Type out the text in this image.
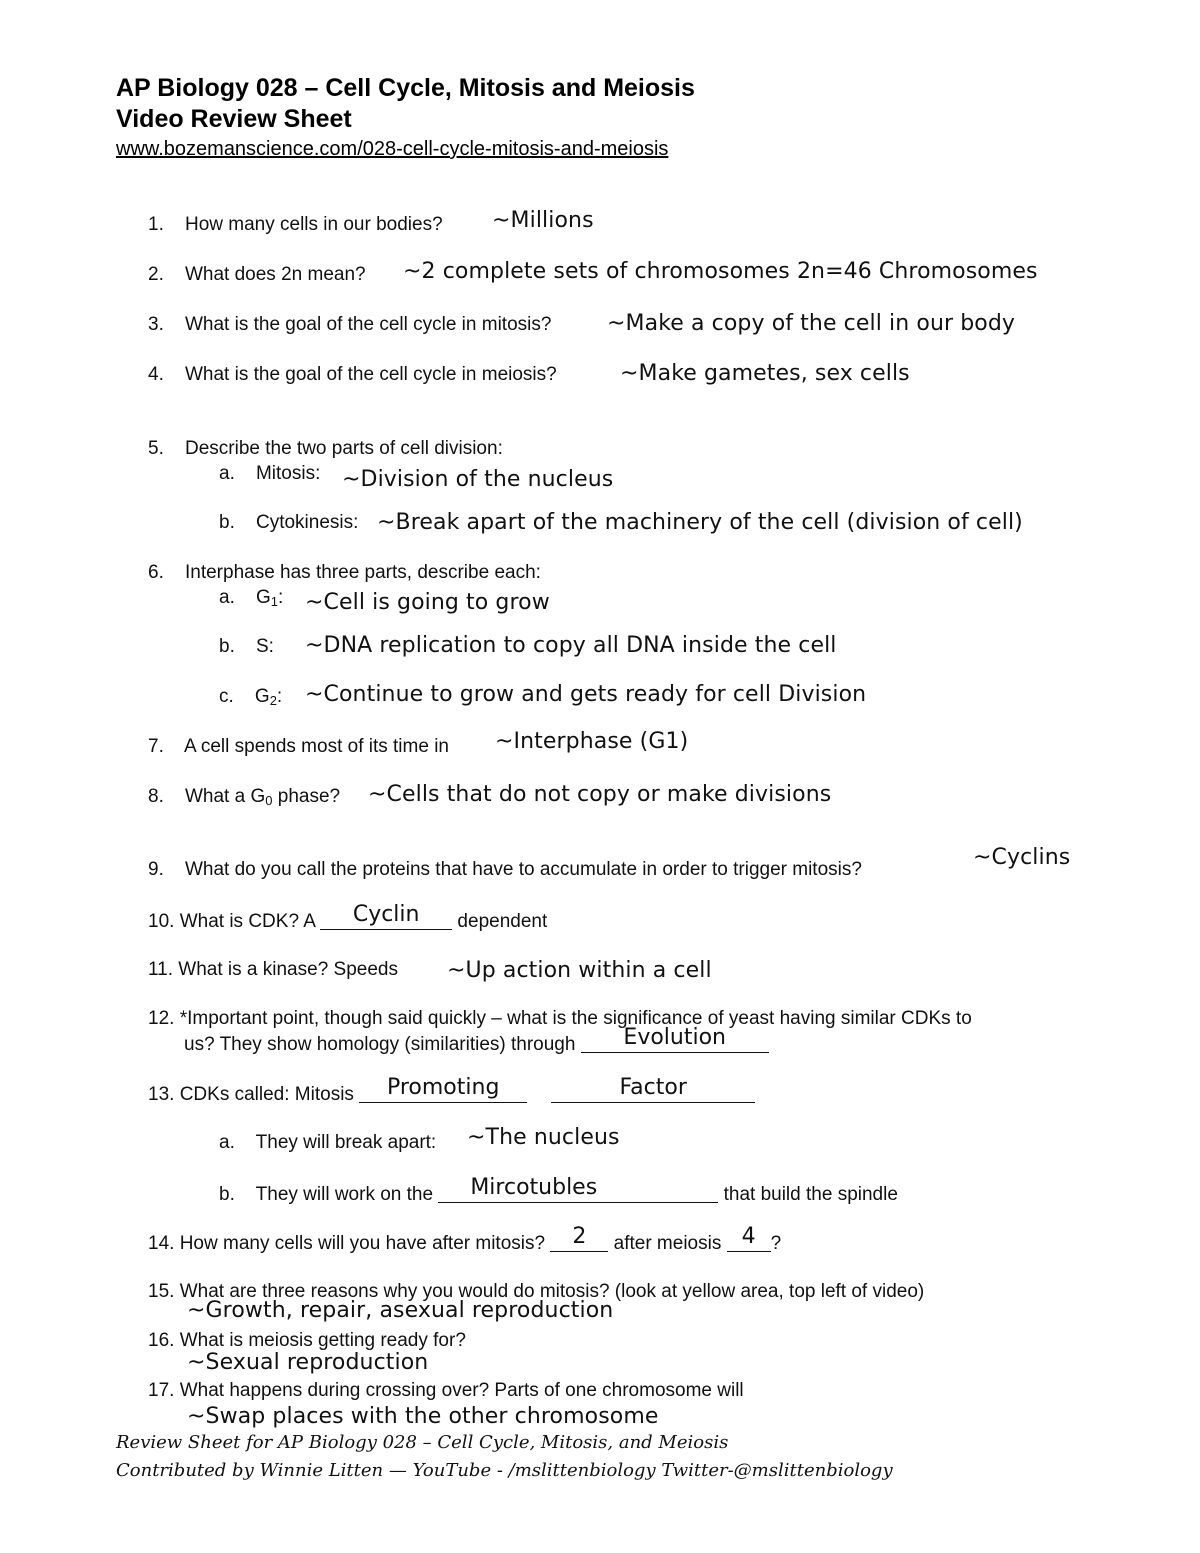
AP Biology 028 – Cell Cycle, Mitosis and Meiosis
Video Review Sheet
www.bozemanscience.com/028-cell-cycle-mitosis-and-meiosis
1. How many cells in our bodies? ~Millions
2. What does 2n mean? ~2 complete sets of chromosomes 2n=46 Chromosomes
3. What is the goal of the cell cycle in mitosis?	~Make a copy of the cell in our body
4. What is the goal of the cell cycle in meiosis?	~Make gametes, sex cells
5. Describe the two parts of cell division:
a. Mitosis: ~Division of the nucleus
b. Cytokinesis: ~Break apart of the machinery of the cell (division of cell)
6. Interphase has three parts, describe each:
a. $G_1$: ~Cell is going to grow
b. S: ~DNA replication to copy all DNA inside the cell
c. $G_2$: ~Continue to grow and gets ready for cell Division
7. A cell spends most of its time in ~Interphase (G1)
8. What a $G_0$ phase? ~Cells that do not copy or make divisions
9. What do you call the proteins that have to accumulate in order to trigger mitosis?	~Cyclins
10. What is CDK? A	Cyclin	dependent
11. What is a kinase? Speeds ~Up action within a cell
12. *Important point, though said quickly – what is the significance of yeast having similar CDKs to
us? They show homology (similarities) through	Evolution
13. CDKs called: Mitosis	Promoting	Factor
a. They will break apart: ~The nucleus
b. They will work on the Mircotubles	that build the spindle
14. How many cells will you have after mitosis?	2	after meiosis 4 ?
15. What are three reasons why you would do mitosis? (look at yellow area, top left of video)
~Growth, repair, asexual reproduction
16. What is meiosis getting ready for?
~Sexual reproduction
17. What happens during crossing over? Parts of one chromosome will
~Swap places with the other chromosome
Review Sheet for AP Biology 028 – Cell Cycle, Mitosis, and Meiosis
Contributed by Winnie Litten — YouTube - /mslittenbiology Twitter-@mslittenbiology
